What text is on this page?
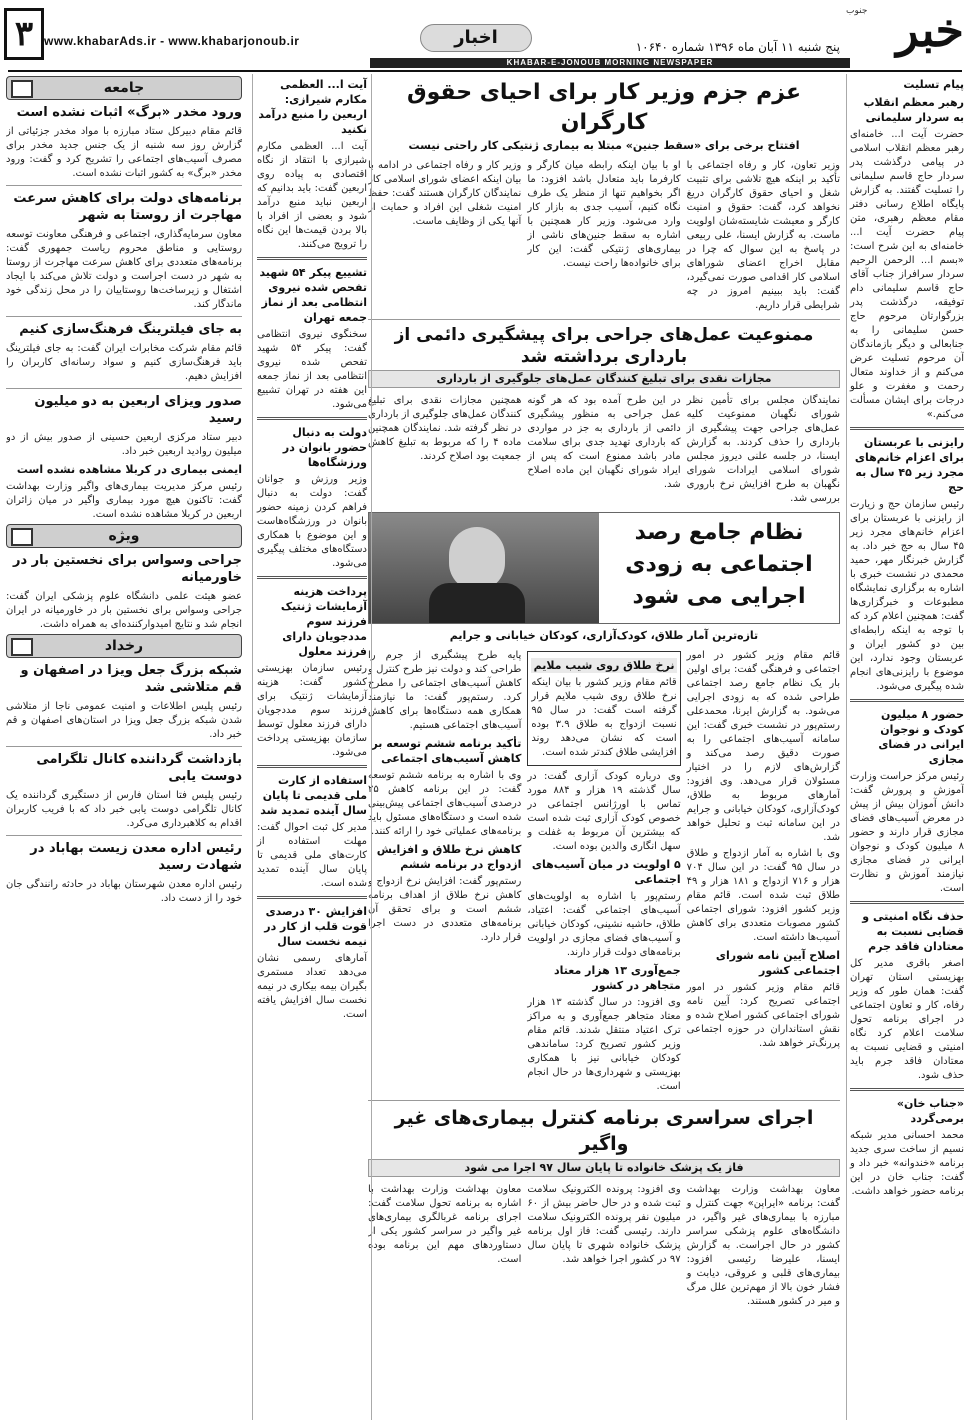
۳ www.khabarAds.ir - www.khabarjonoub.ir	اخبار	پنج شنبه ۱۱ آبان ماه ۱۳۹۶ شماره ۱۰۶۴۰	خبر
جنوب
KHABAR-E-JONOUB MORNING NEWSPAPER
پیام تسلیت
رهبر معظم انقلاب به سردار سلیمانی
حضرت آیت ا... خامنه‌ای رهبر معظم انقلاب اسلامی در پیامی درگذشت پدر سردار حاج قاسم سلیمانی را تسلیت گفتند. به گزارش پایگاه اطلاع رسانی دفتر مقام معظم رهبری، متن پیام حضرت آیت ا... خامنه‌ای به این شرح است: «بسم ا... الرحمن الرحیم سردار سرافراز جناب آقای حاج قاسم سلیمانی دام توفیقه، درگذشت پدر بزرگوارتان مرحوم حاج حسن سلیمانی را به جنابعالی و دیگر بازماندگان آن مرحوم تسلیت عرض می‌کنم و از خداوند متعال رحمت و مغفرت و علو درجات برای ایشان مسألت می‌کنم.»
رایزنی با عربستان برای اعزام خانم‌های مجرد زیر ۴۵ سال به حج
رئیس سازمان حج و زیارت از رایزنی با عربستان برای اعزام خانم‌های مجرد زیر ۴۵ سال به حج خبر داد. به گزارش خبرنگار مهر، حمید محمدی در نشست خبری با اشاره به برگزاری نمایشگاه مطبوعات و خبرگزاری‌ها گفت: همچنین اعلام کرد که با توجه به اینکه رابطه‌ای بین دو کشور ایران و عربستان وجود ندارد، این موضوع با رایزنی‌های انجام شده پیگیری می‌شود.
حضور ۸ میلیون کودک و نوجوان ایرانی در فضای مجازی
رئیس مرکز حراست وزارت آموزش و پرورش گفت: دانش آموزان بیش از پیش در معرض آسیب‌های فضای مجازی قرار دارند و حضور ۸ میلیون کودک و نوجوان ایرانی در فضای مجازی نیازمند آموزش و نظارت است.
حذف نگاه امنیتی و قضایی نسبت به معتادان فاقد جرم
اصغر باقری مدیر کل بهزیستی استان تهران گفت: همان طور که وزیر رفاه، کار و تعاون اجتماعی در اجرای برنامه تحول سلامت اعلام کرد نگاه امنیتی و قضایی نسبت به معتادان فاقد جرم باید حذف شود.
«جناب خان» برمی‌گردد
محمد احسانی مدیر شبکه نسیم از ساخت سری جدید برنامه «خندوانه» خبر داد و گفت: جناب خان در این برنامه حضور خواهد داشت.
عزم جزم وزیر کار برای احیای حقوق کارگران
افتتاح برخی برای «سقط جنین» مبتلا به بیماری ژنتیکی کار راحتی نیست
وزیر تعاون، کار و رفاه اجتماعی با تأکید بر اینکه هیچ تلاشی برای تثبیت شغل و احیای حقوق کارگران دریغ نخواهد کرد، گفت: حقوق و امنیت کارگر و معیشت شایسته‌شان اولویت ماست. به گزارش ایسنا، علی ربیعی در پاسخ به این سوال که چرا در مقابل اخراج اعضای شوراهای اسلامی کار اقدامی صورت نمی‌گیرد، گفت: باید ببینیم امروز در چه شرایطی قرار داریم.
او با بیان اینکه رابطه میان کارگر و کارفرما باید متعادل باشد افزود: ما اگر بخواهیم تنها از منظر یک طرف نگاه کنیم، آسیب جدی به بازار کار وارد می‌شود. وزیر کار همچنین با اشاره به سقط جنین‌های ناشی از بیماری‌های ژنتیکی گفت: این کار برای خانواده‌ها راحت نیست.
وزیر کار و رفاه اجتماعی در ادامه با بیان اینکه اعضای شورای اسلامی کار نمایندگان کارگران هستند گفت: حفظ امنیت شغلی این افراد و حمایت از آنها یکی از وظایف ماست.
ممنوعیت عمل‌های جراحی برای پیشگیری دائمی از بارداری برداشته شد
مجازات نقدی برای تبلیغ کنندگان عمل‌های جلوگیری از بارداری
نمایندگان مجلس برای تأمین نظر شورای نگهبان ممنوعیت کلیه عمل‌های جراحی جهت پیشگیری از بارداری را حذف کردند. به گزارش ایسنا، در جلسه علنی دیروز مجلس شورای اسلامی ایرادات شورای نگهبان به طرح افزایش نرخ باروری بررسی شد.
در این طرح آمده بود که هر گونه عمل جراحی به منظور پیشگیری دائمی از بارداری به جز در مواردی که بارداری تهدید جدی برای سلامت مادر باشد ممنوع است که پس از ایراد شورای نگهبان این ماده اصلاح شد.
همچنین مجازات نقدی برای تبلیغ کنندگان عمل‌های جلوگیری از بارداری در نظر گرفته شد. نمایندگان همچنین ماده ۴ را که مربوط به تبلیغ کاهش جمعیت بود اصلاح کردند.
نظام جامع رصد اجتماعی به زودی اجرایی می شود
تازه‌ترین آمار طلاق، کودک‌آزاری، کودکان خیابانی و جرایم
قائم مقام وزیر کشور در امور اجتماعی و فرهنگی گفت: برای اولین بار یک نظام جامع رصد اجتماعی طراحی شده که به زودی اجرایی می‌شود. به گزارش ایرنا، محمدعلی رستم‌پور در نشست خبری گفت: این سامانه آسیب‌های اجتماعی را به صورت دقیق رصد می‌کند و گزارش‌های لازم را در اختیار مسئولان قرار می‌دهد. وی افزود: آمارهای مربوط به طلاق، کودک‌آزاری، کودکان خیابانی و جرایم در این سامانه ثبت و تحلیل خواهد شد.
وی با اشاره به آمار ازدواج و طلاق در سال ۹۵ گفت: در این سال ۷۰۴ هزار و ۷۱۶ ازدواج و ۱۸۱ هزار و ۴۹ طلاق ثبت شده است. قائم مقام وزیر کشور افزود: شورای اجتماعی کشور مصوبات متعددی برای کاهش آسیب‌ها داشته است.
اصلاح آیین نامه شورای اجتماعی کشور
قائم مقام وزیر کشور در امور اجتماعی تصریح کرد: آیین نامه شورای اجتماعی کشور اصلاح شده و نقش استانداران در حوزه اجتماعی پررنگ‌تر خواهد شد.
نرخ طلاق روی شیب ملایم
قائم مقام وزیر کشور با بیان اینکه نرخ طلاق روی شیب ملایم قرار گرفته است گفت: در سال ۹۵ نسبت ازدواج به طلاق ۳.۹ بوده است که نشان می‌دهد روند افزایشی طلاق کندتر شده است.
وی درباره کودک آزاری گفت: در سال گذشته ۱۹ هزار و ۸۸۴ مورد تماس با اورژانس اجتماعی در خصوص کودک آزاری ثبت شده است که بیشترین آن مربوط به غفلت و سهل انگاری والدین بوده است.
۵ اولویت در میان آسیب‌های اجتماعی
رستم‌پور با اشاره به اولویت‌های آسیب‌های اجتماعی گفت: اعتیاد، طلاق، حاشیه نشینی، کودکان خیابانی و آسیب‌های فضای مجازی در اولویت برنامه‌های دولت قرار دارند.
جمع‌آوری ۱۳ هزار معتاد متجاهر در کشور
وی افزود: در سال گذشته ۱۳ هزار معتاد متجاهر جمع‌آوری و به مراکز ترک اعتیاد منتقل شدند. قائم مقام وزیر کشور تصریح کرد: ساماندهی کودکان خیابانی نیز با همکاری بهزیستی و شهرداری‌ها در حال انجام است.
پایه طرح پیشگیری از جرم را طراحی کند و دولت نیز طرح کنترل و کاهش آسیب‌های اجتماعی را مطرح کرد. رستم‌پور گفت: ما نیازمند همکاری همه دستگاه‌ها برای کاهش آسیب‌های اجتماعی هستیم.
تأکید برنامه ششم توسعه بر کاهش آسیب‌های اجتماعی
وی با اشاره به برنامه ششم توسعه گفت: در این برنامه کاهش ۲۵ درصدی آسیب‌های اجتماعی پیش‌بینی شده است و دستگاه‌های مسئول باید برنامه‌های عملیاتی خود را ارائه کنند.
کاهش نرخ طلاق و افزایش ازدواج در برنامه ششم
رستم‌پور گفت: افزایش نرخ ازدواج و کاهش نرخ طلاق از اهداف برنامه ششم است و برای تحقق آن برنامه‌های متعددی در دست اجرا قرار دارد.
اجرای سراسری برنامه کنترل بیماری‌های غیر واگیر
فاز یک پزشک خانواده تا پایان سال ۹۷ اجرا می شود
معاون بهداشت وزارت بهداشت گفت: برنامه «ایراپن» جهت کنترل و مبارزه با بیماری‌های غیر واگیر، در دانشگاه‌های علوم پزشکی سراسر کشور در حال اجراست. به گزارش ایسنا، علیرضا رئیسی افزود: بیماری‌های قلبی و عروقی، دیابت و فشار خون بالا از مهم‌ترین علل مرگ و میر در کشور هستند.
وی افزود: پرونده الکترونیک سلامت ثبت شده و در حال حاضر بیش از ۶۰ میلیون نفر پرونده الکترونیک سلامت دارند. رئیسی گفت: فاز اول برنامه پزشک خانواده شهری تا پایان سال ۹۷ در کشور اجرا خواهد شد.
معاون بهداشت وزارت بهداشت با اشاره به برنامه تحول سلامت گفت: اجرای برنامه غربالگری بیماری‌های غیر واگیر در سراسر کشور یکی از دستاوردهای مهم این برنامه بوده است.
آیت ا... العظمی مکارم شیرازی: اربعین را منبع درآمد نکنید
آیت ا... العظمی مکارم شیرازی با انتقاد از نگاه اقتصادی به پیاده روی اربعین گفت: باید بدانیم که اربعین نباید منبع درآمد شود و بعضی از افراد با بالا بردن قیمت‌ها این نگاه را ترویج می‌کنند.
تشییع پیکر ۵۴ شهید تفحص شده نیروی انتظامی بعد از نماز جمعه تهران
سخنگوی نیروی انتظامی گفت: پیکر ۵۴ شهید تفحص شده نیروی انتظامی بعد از نماز جمعه این هفته در تهران تشییع می‌شود.
دولت به دنبال حضور بانوان در ورزشگاه‌ها
وزیر ورزش و جوانان گفت: دولت به دنبال فراهم کردن زمینه حضور بانوان در ورزشگاه‌هاست و این موضوع با همکاری دستگاه‌های مختلف پیگیری می‌شود.
پرداخت هزینه آزمایشات ژنتیک فرزند سوم مددجویان دارای فرزند معلول
رئیس سازمان بهزیستی کشور گفت: هزینه آزمایشات ژنتیک برای فرزند سوم مددجویان دارای فرزند معلول توسط سازمان بهزیستی پرداخت می‌شود.
استفاده از کارت ملی قدیمی تا پایان سال آینده تمدید شد
مدیر کل ثبت احوال گفت: مهلت استفاده از کارت‌های ملی قدیمی تا پایان سال آینده تمدید شده است.
افزایش ۳۰ درصدی قوت قلب از کار در نیمه نخست سال
آمارهای رسمی نشان می‌دهد تعداد مستمری بگیران بیمه بیکاری در نیمه نخست سال افزایش یافته است.
جامعه
ورود مخدر «برگ» اثبات نشده است
قائم مقام دبیرکل ستاد مبارزه با مواد مخدر جزئیاتی از گزارش روز سه شنبه از یک جنس جدید مخدر برای مصرف آسیب‌های اجتماعی را تشریح کرد و گفت: ورود مخدر «برگ» به کشور اثبات نشده است.
برنامه‌های دولت برای کاهش سرعت مهاجرت از روستا به شهر
معاون سرمایه‌گذاری، اجتماعی و فرهنگی معاونت توسعه روستایی و مناطق محروم ریاست جمهوری گفت: برنامه‌های متعددی برای کاهش سرعت مهاجرت از روستا به شهر در دست اجراست و دولت تلاش می‌کند با ایجاد اشتغال و زیرساخت‌ها روستاییان را در محل زندگی خود ماندگار کند.
به جای فیلترینگ فرهنگ‌سازی کنیم
قائم مقام شرکت مخابرات ایران گفت: به جای فیلترینگ باید فرهنگ‌سازی کنیم و سواد رسانه‌ای کاربران را افزایش دهیم.
صدور ویزای اربعین به دو میلیون رسید
دبیر ستاد مرکزی اربعین حسینی از صدور بیش از دو میلیون روادید اربعین خبر داد.
ایمنی بیماری در کربلا مشاهده نشده است
رئیس مرکز مدیریت بیماری‌های واگیر وزارت بهداشت گفت: تاکنون هیچ مورد بیماری واگیر در میان زائران اربعین در کربلا مشاهده نشده است.
ویژه
جراحی وسواس برای نخستین بار در خاورمیانه
عضو هیئت علمی دانشگاه علوم پزشکی ایران گفت: جراحی وسواس برای نخستین بار در خاورمیانه در ایران انجام شد و نتایج امیدوارکننده‌ای به همراه داشت.
رخداد
شبکه بزرگ جعل ویزا در اصفهان و قم متلاشی شد
رئیس پلیس اطلاعات و امنیت عمومی ناجا از متلاشی شدن شبکه بزرگ جعل ویزا در استان‌های اصفهان و قم خبر داد.
بازداشت گرداننده کانال تلگرامی دوست یابی
رئیس پلیس فتا استان فارس از دستگیری گرداننده یک کانال تلگرامی دوست یابی خبر داد که با فریب کاربران اقدام به کلاهبرداری می‌کرد.
رئیس اداره معدن زیست بهاباد در شهادت رسید
رئیس اداره معدن شهرستان بهاباد در حادثه رانندگی جان خود را از دست داد.
